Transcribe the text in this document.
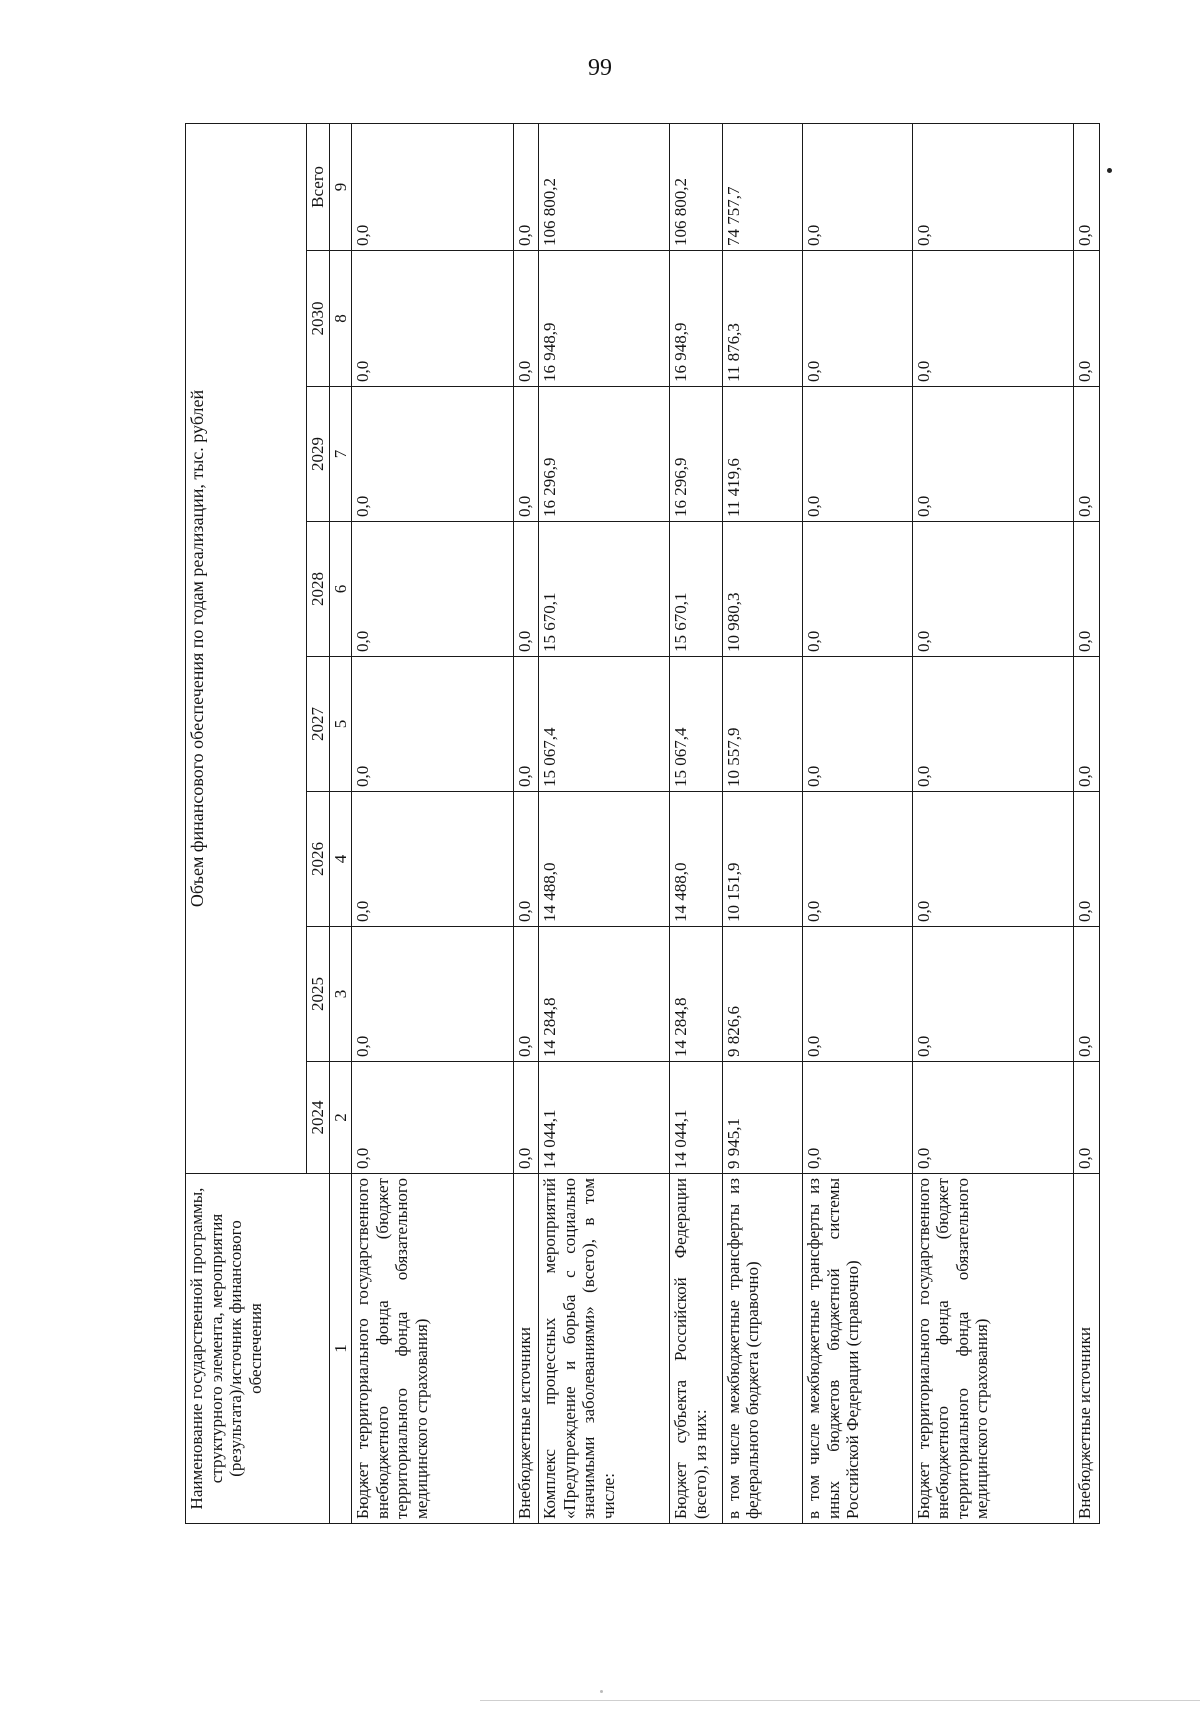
99
Наименование государственной программы, структурного элемента, мероприятия (результата)/источник финансового обеспечения	Объем финансового обеспечения по годам реализации, тыс. рублей							
	2024	2025	2026	2027	2028	2029	2030	Всего
1	2	3	4	5	6	7	8	9
Бюджет территориального государственного внебюджетного фонда (бюджет территориального фонда обязательного медицинского страхования)	0,0	0,0	0,0	0,0	0,0	0,0	0,0	0,0
Внебюджетные источники	0,0	0,0	0,0	0,0	0,0	0,0	0,0	0,0
Комплекс процессных мероприятий «Предупреждение и борьба с социально значимыми заболеваниями» (всего), в том числе:	14 044,1	14 284,8	14 488,0	15 067,4	15 670,1	16 296,9	16 948,9	106 800,2
Бюджет субъекта Российской Федерации (всего), из них:	14 044,1	14 284,8	14 488,0	15 067,4	15 670,1	16 296,9	16 948,9	106 800,2
в том числе межбюджетные трансферты из федерального бюджета (справочно)	9 945,1	9 826,6	10 151,9	10 557,9	10 980,3	11 419,6	11 876,3	74 757,7
в том числе межбюджетные трансферты из иных бюджетов бюджетной системы Российской Федерации (справочно)	0,0	0,0	0,0	0,0	0,0	0,0	0,0	0,0
Бюджет территориального государственного внебюджетного фонда (бюджет территориального фонда обязательного медицинского страхования)	0,0	0,0	0,0	0,0	0,0	0,0	0,0	0,0
Внебюджетные источники	0,0	0,0	0,0	0,0	0,0	0,0	0,0	0,0
